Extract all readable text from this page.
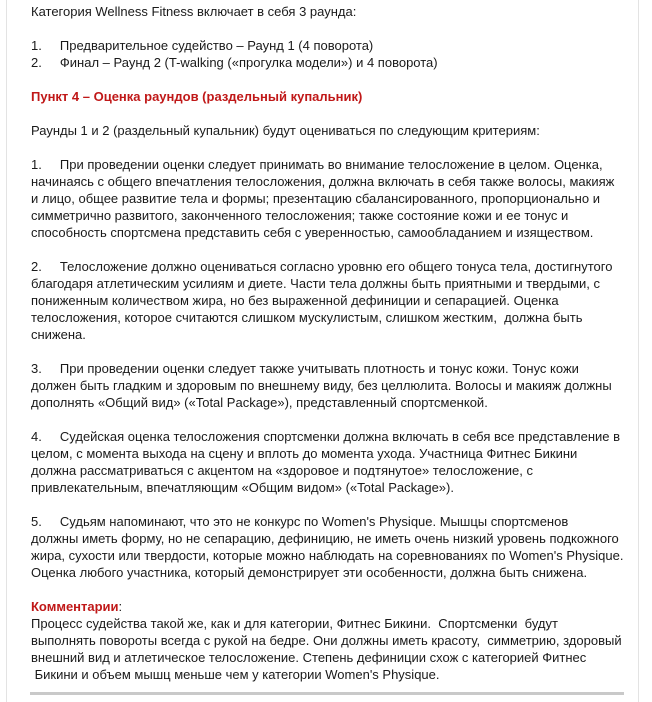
Категория Wellness Fitness включает в себя 3 раунда:
1. Предварительное судейство – Раунд 1 (4 поворота)
2. Финал – Раунд 2 (T-walking («прогулка модели») и 4 поворота)
Пункт 4 – Оценка раундов (раздельный купальник)
Раунды 1 и 2 (раздельный купальник) будут оцениваться по следующим критериям:
1.     При проведении оценки следует принимать во внимание телосложение в целом. Оценка,
начинаясь с общего впечатления телосложения, должна включать в себя также волосы, макияж
и лицо, общее развитие тела и формы; презентацию сбалансированного, пропорционально и
симметрично развитого, законченного телосложения; также состояние кожи и ее тонус и
способность спортсмена представить себя с уверенностью, самообладанием и изяществом.
2.     Телосложение должно оцениваться согласно уровню его общего тонуса тела, достигнутого
благодаря атлетическим усилиям и диете. Части тела должны быть приятными и твердыми, с
пониженным количеством жира, но без выраженной дефиниции и сепарацией. Оценка
телосложения, которое считаются слишком мускулистым, слишком жестким,  должна быть
снижена.
3.     При проведении оценки следует также учитывать плотность и тонус кожи. Тонус кожи
должен быть гладким и здоровым по внешнему виду, без целлюлита. Волосы и макияж должны
дополнять «Общий вид» («Total Package»), представленный спортсменкой.
4.     Судейская оценка телосложения спортсменки должна включать в себя все представление в
целом, с момента выхода на сцену и вплоть до момента ухода. Участница Фитнес Бикини
должна рассматриваться с акцентом на «здоровое и подтянутое» телосложение, с
привлекательным, впечатляющим «Общим видом» («Total Package»).
5.     Судьям напоминают, что это не конкурс по Women's Physique. Мышцы спортсменов
должны иметь форму, но не сепарацию, дефиницию, не иметь очень низкий уровень подкожного
жира, сухости или твердости, которые можно наблюдать на соревнованиях по Women's Physique.
Оценка любого участника, который демонстрирует эти особенности, должна быть снижена.
Комментарии:
Процесс судейства такой же, как и для категории, Фитнес Бикини.  Спортсменки  будут
выполнять повороты всегда с рукой на бедре. Они должны иметь красоту,  симметрию, здоровый
внешний вид и атлетическое телосложение. Степень дефиниции схож с категорией Фитнес
Бикини и объем мышц меньше чем у категории Women's Physique.
